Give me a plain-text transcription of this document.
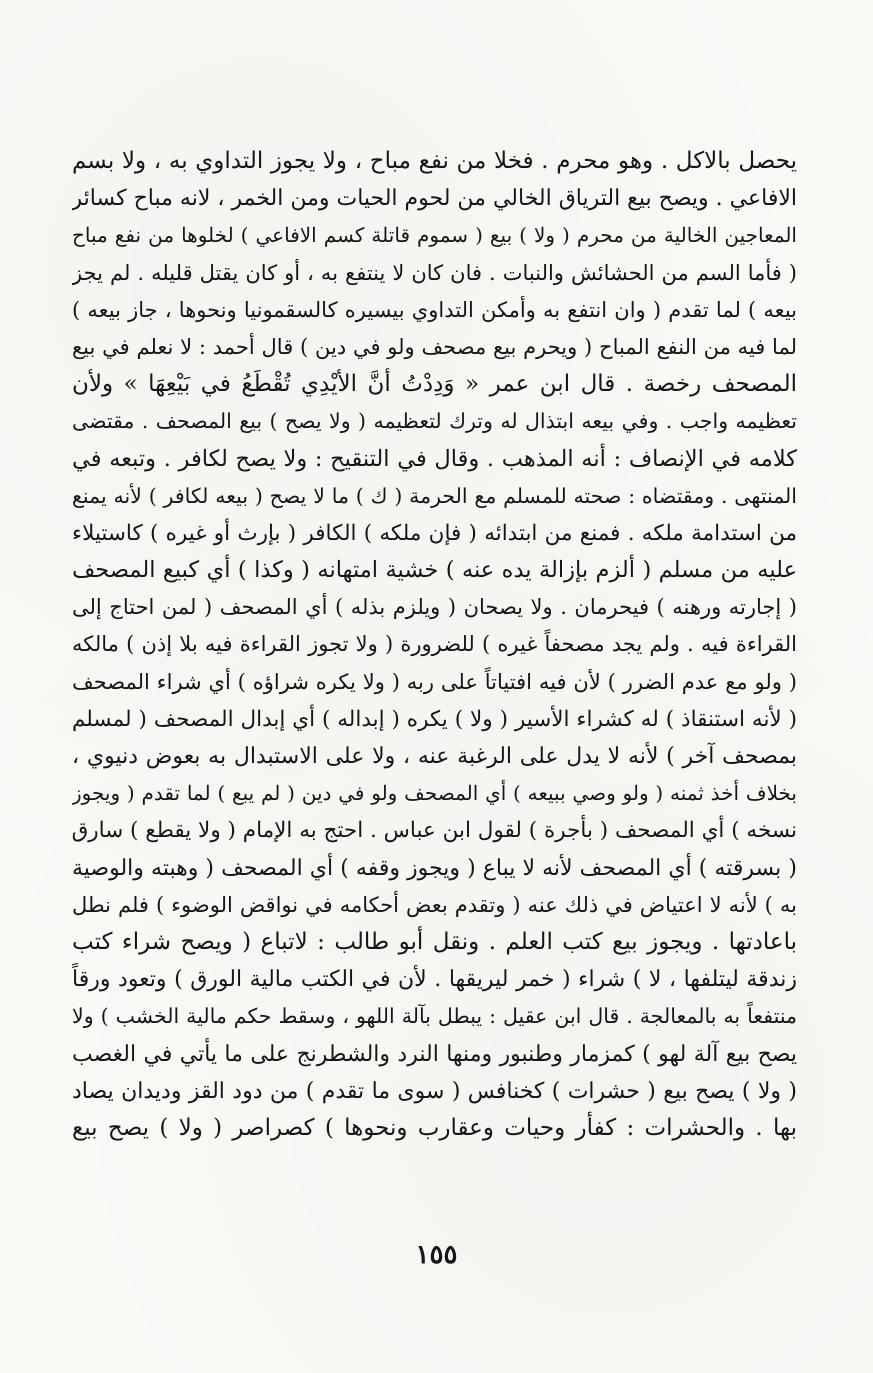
يحصل بالاكل . وهو محرم . فخلا من نفع مباح ، ولا يجوز التداوي به ، ولا بسم
الافاعي . ويصح بيع الترياق الخالي من لحوم الحيات ومن الخمر ، لانه مباح كسائر
المعاجين الخالية من محرم ( ولا ) بيع ( سموم قاتلة كسم الافاعي ) لخلوها من نفع مباح
( فأما السم من الحشائش والنبات . فان كان لا ينتفع به ، أو كان يقتل قليله . لم يجز
بيعه ) لما تقدم ( وان انتفع به وأمكن التداوي بيسيره كالسقمونيا ونحوها ، جاز بيعه )
لما فيه من النفع المباح ( ويحرم بيع مصحف ولو في دين ) قال أحمد : لا نعلم في بيع
المصحف رخصة . قال ابن عمر « وَدِدْتُ أنَّ الأيْدِي تُقْطَعُ في بَيْعِهَا » ولأن
تعظيمه واجب . وفي بيعه ابتذال له وترك لتعظيمه ( ولا يصح ) بيع المصحف . مقتضى
كلامه في الإنصاف : أنه المذهب . وقال في التنقيح : ولا يصح لكافر . وتبعه في
المنتهى . ومقتضاه : صحته للمسلم مع الحرمة ( ك ) ما لا يصح ( بيعه لكافر ) لأنه يمنع
من استدامة ملكه . فمنع من ابتدائه ( فإن ملكه ) الكافر ( بإرث أو غيره ) كاستيلاء
عليه من مسلم ( ألزم بإزالة يده عنه ) خشية امتهانه ( وكذا ) أي كبيع المصحف
( إجارته ورهنه ) فيحرمان . ولا يصحان ( ويلزم بذله ) أي المصحف ( لمن احتاج إلى
القراءة فيه . ولم يجد مصحفاً غيره ) للضرورة ( ولا تجوز القراءة فيه بلا إذن ) مالكه
( ولو مع عدم الضرر ) لأن فيه افتياتاً على ربه ( ولا يكره شراؤه ) أي شراء المصحف
( لأنه استنقاذ ) له كشراء الأسير ( ولا ) يكره ( إبداله ) أي إبدال المصحف ( لمسلم
بمصحف آخر ) لأنه لا يدل على الرغبة عنه ، ولا على الاستبدال به بعوض دنيوي ،
بخلاف أخذ ثمنه ( ولو وصي ببيعه ) أي المصحف ولو في دين ( لم يبع ) لما تقدم ( ويجوز
نسخه ) أي المصحف ( بأجرة ) لقول ابن عباس . احتج به الإمام ( ولا يقطع ) سارق
( بسرقته ) أي المصحف لأنه لا يباع ( ويجوز وقفه ) أي المصحف ( وهبته والوصية
به ) لأنه لا اعتياض في ذلك عنه ( وتقدم بعض أحكامه في نواقض الوضوء ) فلم نطل
باعادتها . ويجوز بيع كتب العلم . ونقل أبو طالب : لاتباع ( ويصح شراء كتب
زندقة ليتلفها ، لا ) شراء ( خمر ليريقها . لأن في الكتب مالية الورق ) وتعود ورقاً
منتفعاً به بالمعالجة . قال ابن عقيل : يبطل بآلة اللهو ، وسقط حكم مالية الخشب ) ولا
يصح بيع آلة لهو ) كمزمار وطنبور ومنها النرد والشطرنج على ما يأتي في الغصب
( ولا ) يصح بيع ( حشرات ) كخنافس ( سوى ما تقدم ) من دود القز وديدان يصاد
بها . والحشرات : كفأر وحيات وعقارب ونحوها ) كصراصر ( ولا ) يصح بيع
١٥٥
